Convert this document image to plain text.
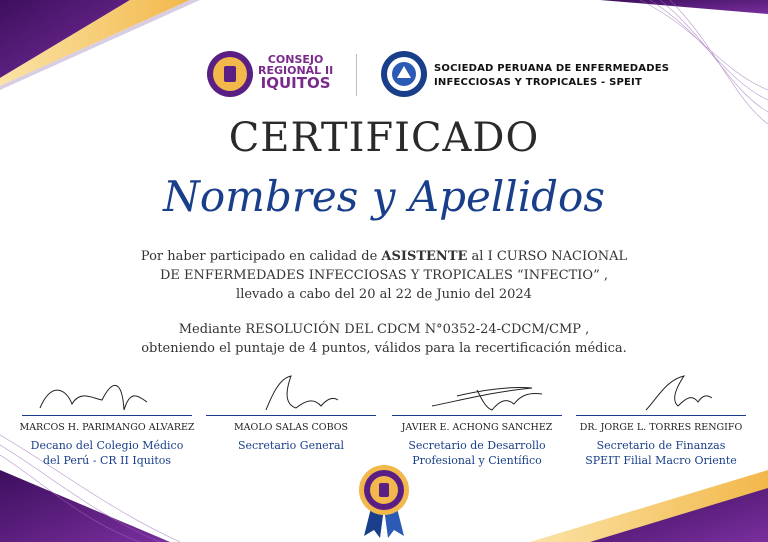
CONSEJO
REGIONAL II
IQUITOS
SOCIEDAD PERUANA DE ENFERMEDADES
INFECCIOSAS Y TROPICALES - SPEIT
CERTIFICADO
Nombres y Apellidos
Por haber participado en calidad de ASISTENTE al I CURSO NACIONAL DE ENFERMEDADES INFECCIOSAS Y TROPICALES “INFECTIO” , llevado a cabo del 20 al 22 de Junio del 2024
Mediante RESOLUCIÓN DEL CDCM N°0352-24-CDCM/CMP , obteniendo el puntaje de 4 puntos, válidos para la recertificación médica.
MARCOS H. PARIMANGO ALVAREZ
Decano del Colegio Médico
del Perú - CR II Iquitos
MAOLO SALAS COBOS
Secretario General
JAVIER E. ACHONG SANCHEZ
Secretario de Desarrollo
Profesional y Científico
DR. JORGE L. TORRES RENGIFO
Secretario de Finanzas
SPEIT Filial Macro Oriente
